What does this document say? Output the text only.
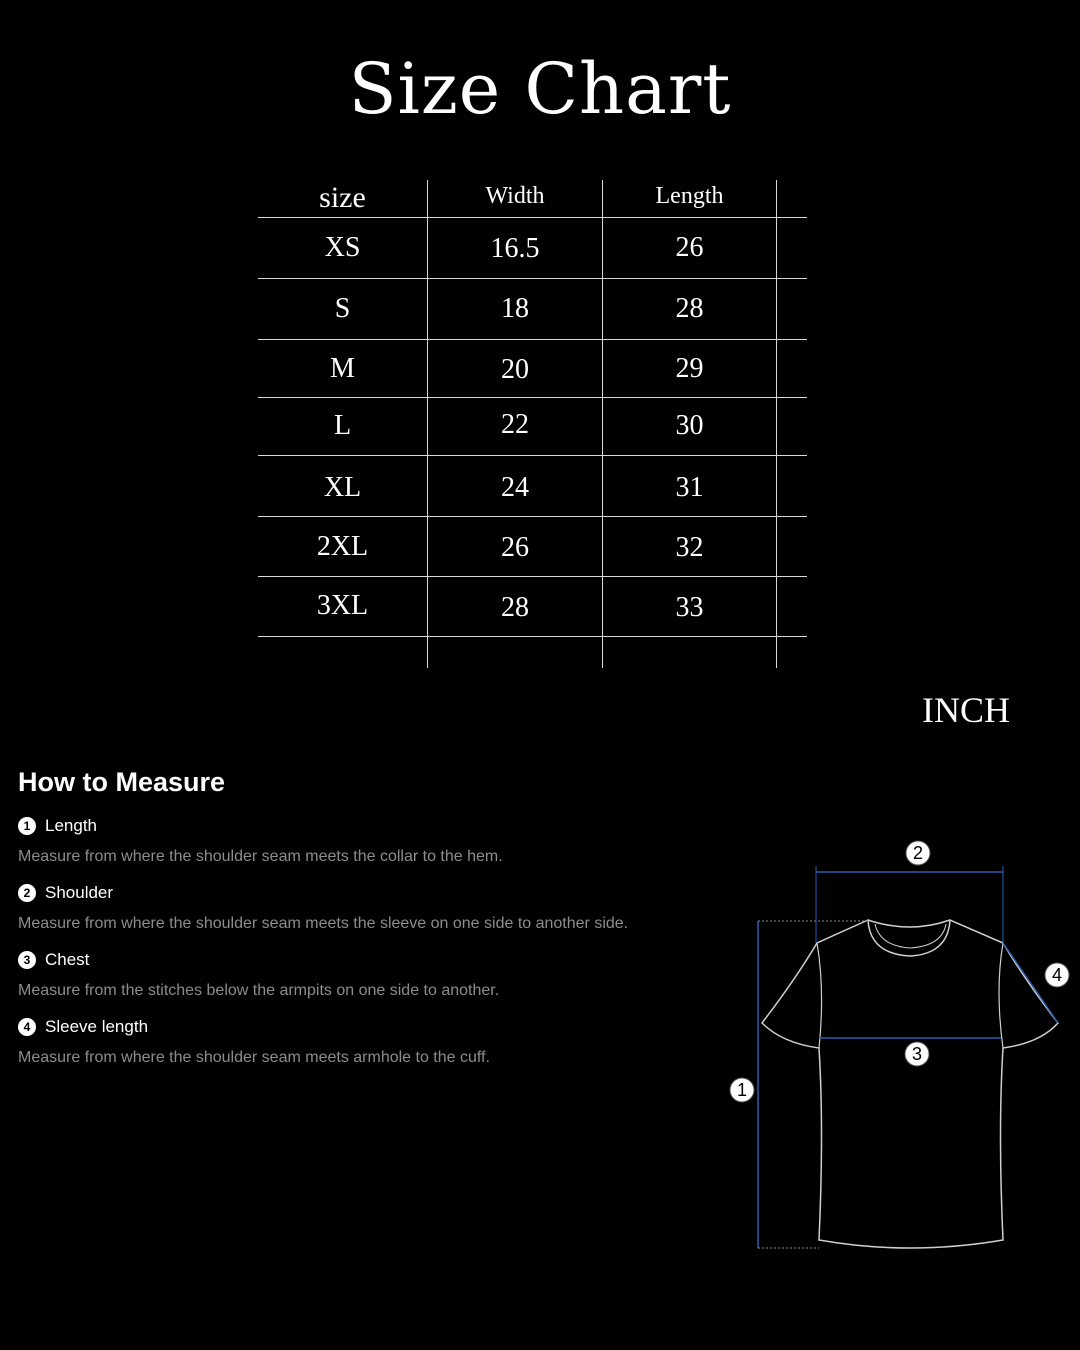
Size Chart
size	Width	Length
XS	16.5	26
S	18	28
M	20	29
L	22	30
XL	24	31
2XL	26	32
3XL	28	33
INCH
How to Measure
1 Length
Measure from where the shoulder seam meets the collar to the hem.
2 Shoulder
Measure from where the shoulder seam meets the sleeve on one side to another side.
3 Chest
Measure from the stitches below the armpits on one side to another.
4 Sleeve length
Measure from where the shoulder seam meets armhole to the cuff.
1
2
3
4
